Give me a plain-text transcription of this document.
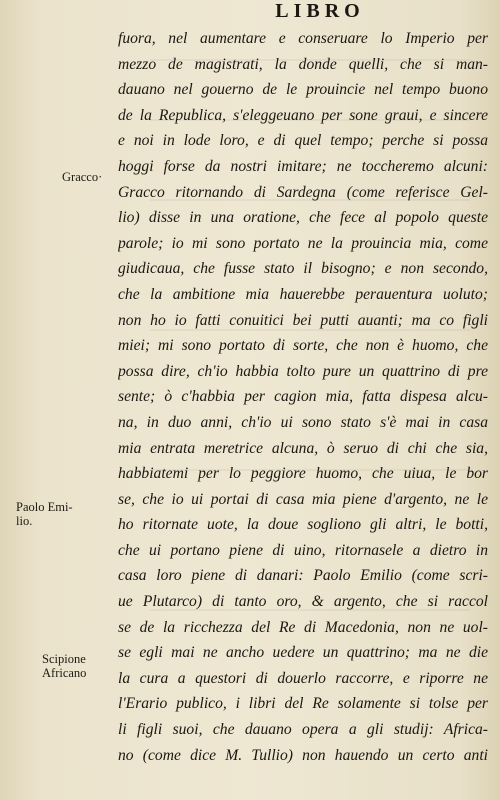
LIBRO
Gracco·
Paolo Emi-
lio.
Scipione
Africano
fuora, nel aumentare e conseruare lo Imperio per
mezzo de magistrati, la donde quelli, che si man-
dauano nel gouerno de le prouincie nel tempo buono
de la Republica, s'eleggeuano per sone graui, e sincere
e noi in lode loro, e di quel tempo; perche si possa
hoggi forse da nostri imitare; ne toccheremo alcuni:
Gracco ritornando di Sardegna (come referisce Gel-
lio) disse in una oratione, che fece al popolo queste
parole; io mi sono portato ne la prouincia mia, come
giudicaua, che fusse stato il bisogno; e non secondo,
che la ambitione mia hauerebbe perauentura uoluto;
non ho io fatti conuitici bei putti auanti; ma co figli
miei; mi sono portato di sorte, che non è huomo, che
possa dire, ch'io habbia tolto pure un quattrino di pre
sente; ò c'habbia per cagion mia, fatta dispesa alcu-
na, in duo anni, ch'io ui sono stato s'è mai in casa
mia entrata meretrice alcuna, ò seruo di chi che sia,
habbiatemi per lo peggiore huomo, che uiua, le bor
se, che io ui portai di casa mia piene d'argento, ne le
ho ritornate uote, la doue sogliono gli altri, le botti,
che ui portano piene di uino, ritornasele a dietro in
casa loro piene di danari: Paolo Emilio (come scri-
ue Plutarco) di tanto oro, & argento, che si raccol
se de la ricchezza del Re di Macedonia, non ne uol-
se egli mai ne ancho uedere un quattrino; ma ne die
la cura a questori di douerlo raccorre, e riporre ne
l'Erario publico, i libri del Re solamente si tolse per
li figli suoi, che dauano opera a gli studij: Africa-
no (come dice M. Tullio) non hauendo un certo anti
